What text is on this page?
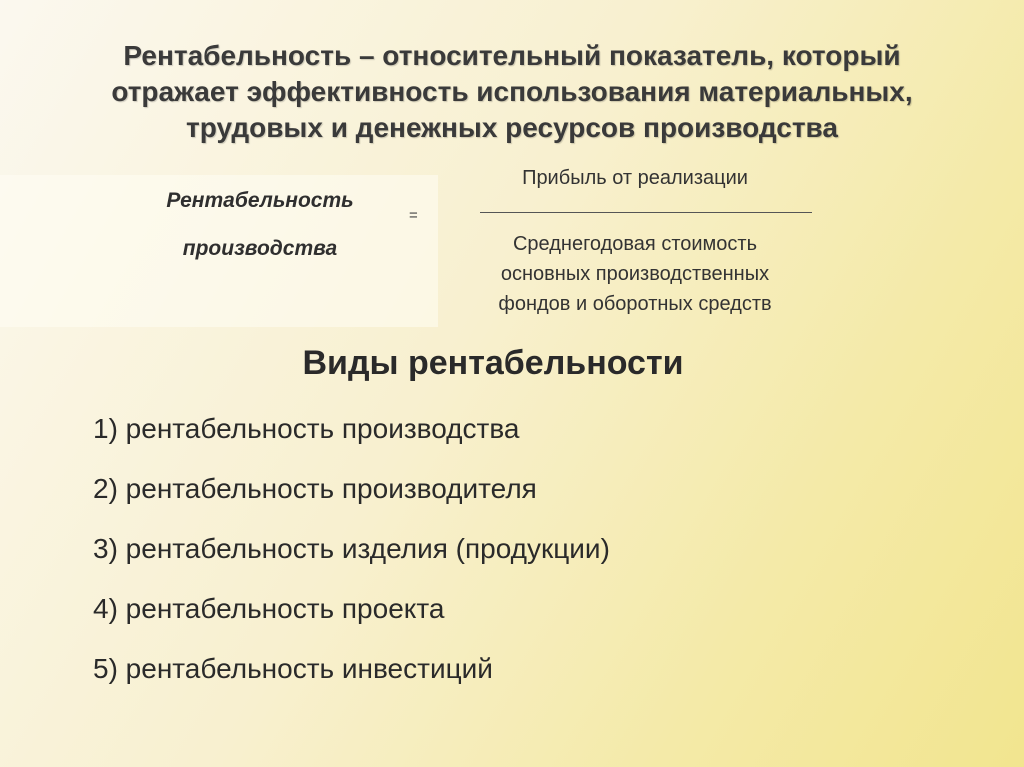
Рентабельность – относительный показатель, который
отражает эффективность использования материальных,
трудовых и денежных ресурсов производства
Рентабельность
производства
=
Прибыль от реализации
Среднегодовая стоимость
основных производственных
фондов и оборотных средств
Виды рентабельности
1) рентабельность производства
2) рентабельность производителя
3) рентабельность изделия (продукции)
4) рентабельность проекта
5) рентабельность инвестиций
